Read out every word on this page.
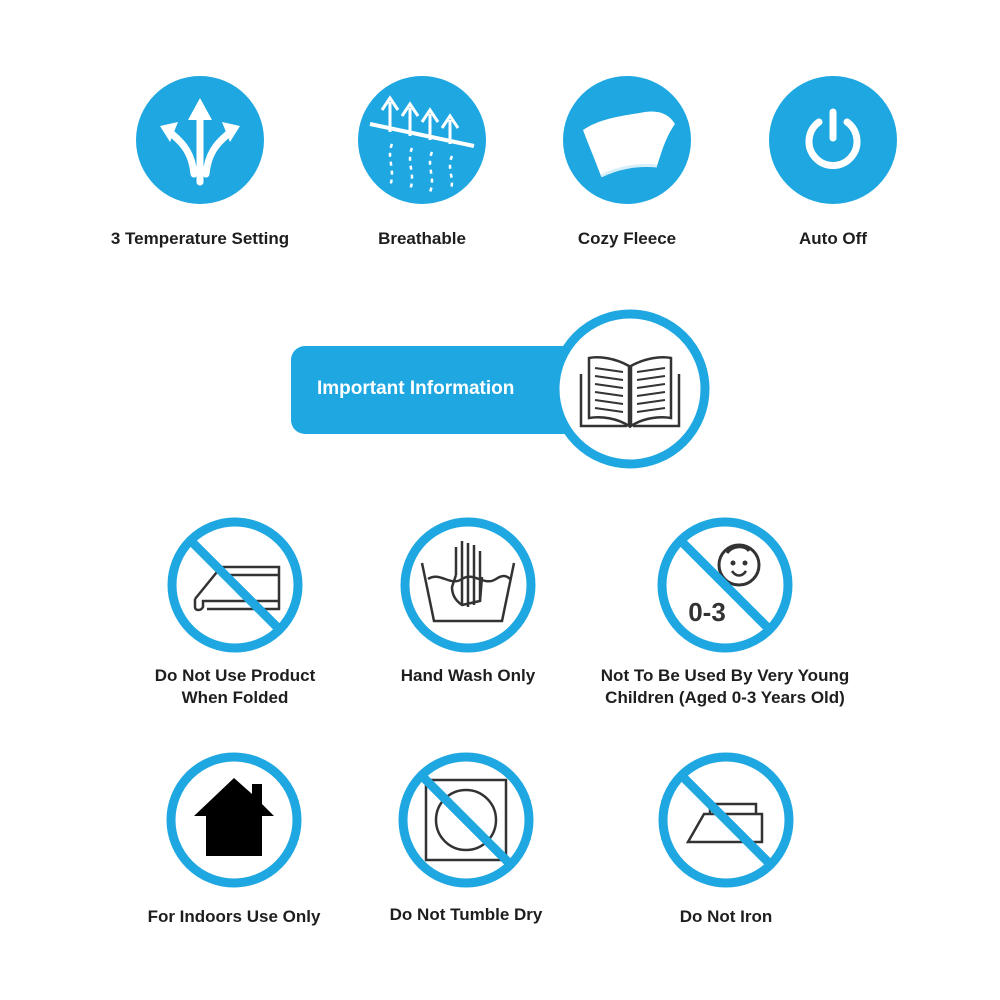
3 Temperature Setting	Breathable	Cozy Fleece	Auto Off
Important Information
Do Not Use Product
When Folded
Hand Wash Only
0-3
Not To Be Used By Very Young
Children (Aged 0-3 Years Old)
For Indoors Use Only	Do Not Tumble Dry	Do Not Iron
